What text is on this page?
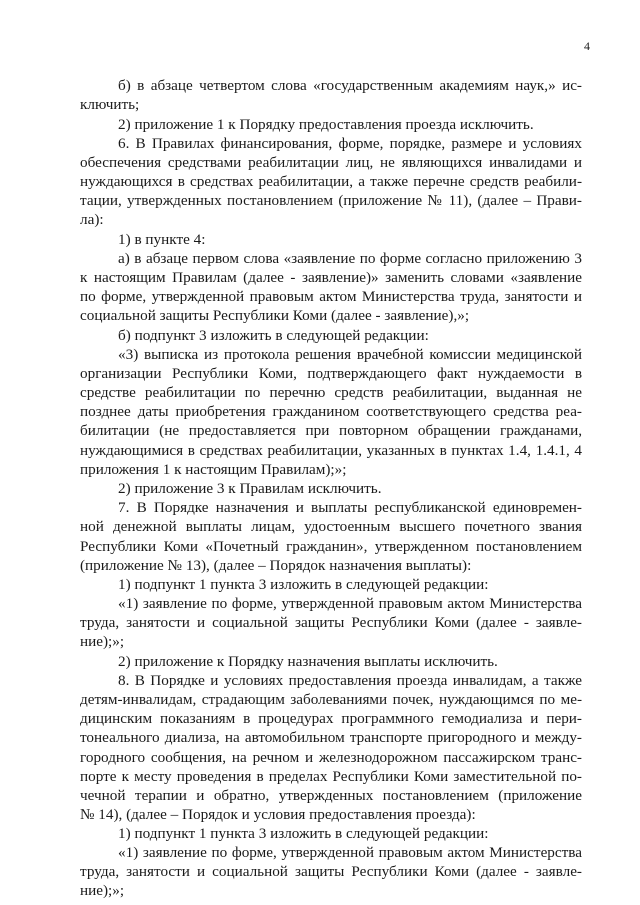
4
б) в абзаце четвертом слова «государственным академиям наук,» ис-
ключить;
2) приложение 1 к Порядку предоставления проезда исключить.
6. В Правилах финансирования, форме, порядке, размере и условиях
обеспечения средствами реабилитации лиц, не являющихся инвалидами и
нуждающихся в средствах реабилитации, а также перечне средств реабили-
тации, утвержденных постановлением (приложение № 11), (далее – Прави-
ла):
1) в пункте 4:
а) в абзаце первом слова «заявление по форме согласно приложению 3
к настоящим Правилам (далее - заявление)» заменить словами «заявление
по форме, утвержденной правовым актом Министерства труда, занятости и
социальной защиты Республики Коми (далее - заявление),»;
б) подпункт 3 изложить в следующей редакции:
«3) выписка из протокола решения врачебной комиссии медицинской
организации Республики Коми, подтверждающего факт нуждаемости в
средстве реабилитации по перечню средств реабилитации, выданная не
позднее даты приобретения гражданином соответствующего средства реа-
билитации (не предоставляется при повторном обращении гражданами,
нуждающимися в средствах реабилитации, указанных в пунктах 1.4, 1.4.1, 4
приложения 1 к настоящим Правилам);»;
2) приложение 3 к Правилам исключить.
7. В Порядке назначения и выплаты республиканской единовремен-
ной денежной выплаты лицам, удостоенным высшего почетного звания
Республики Коми «Почетный гражданин», утвержденном постановлением
(приложение № 13), (далее – Порядок назначения выплаты):
1) подпункт 1 пункта 3 изложить в следующей редакции:
«1) заявление по форме, утвержденной правовым актом Министерства
труда, занятости и социальной защиты Республики Коми (далее - заявле-
ние);»;
2) приложение к Порядку назначения выплаты исключить.
8. В Порядке и условиях предоставления проезда инвалидам, а также
детям-инвалидам, страдающим заболеваниями почек, нуждающимся по ме-
дицинским показаниям в процедурах программного гемодиализа и пери-
тонеального диализа, на автомобильном транспорте пригородного и между-
городного сообщения, на речном и железнодорожном пассажирском транс-
порте к месту проведения в пределах Республики Коми заместительной по-
чечной терапии и обратно, утвержденных постановлением (приложение
№ 14), (далее – Порядок и условия предоставления проезда):
1) подпункт 1 пункта 3 изложить в следующей редакции:
«1) заявление по форме, утвержденной правовым актом Министерства
труда, занятости и социальной защиты Республики Коми (далее - заявле-
ние);»;
